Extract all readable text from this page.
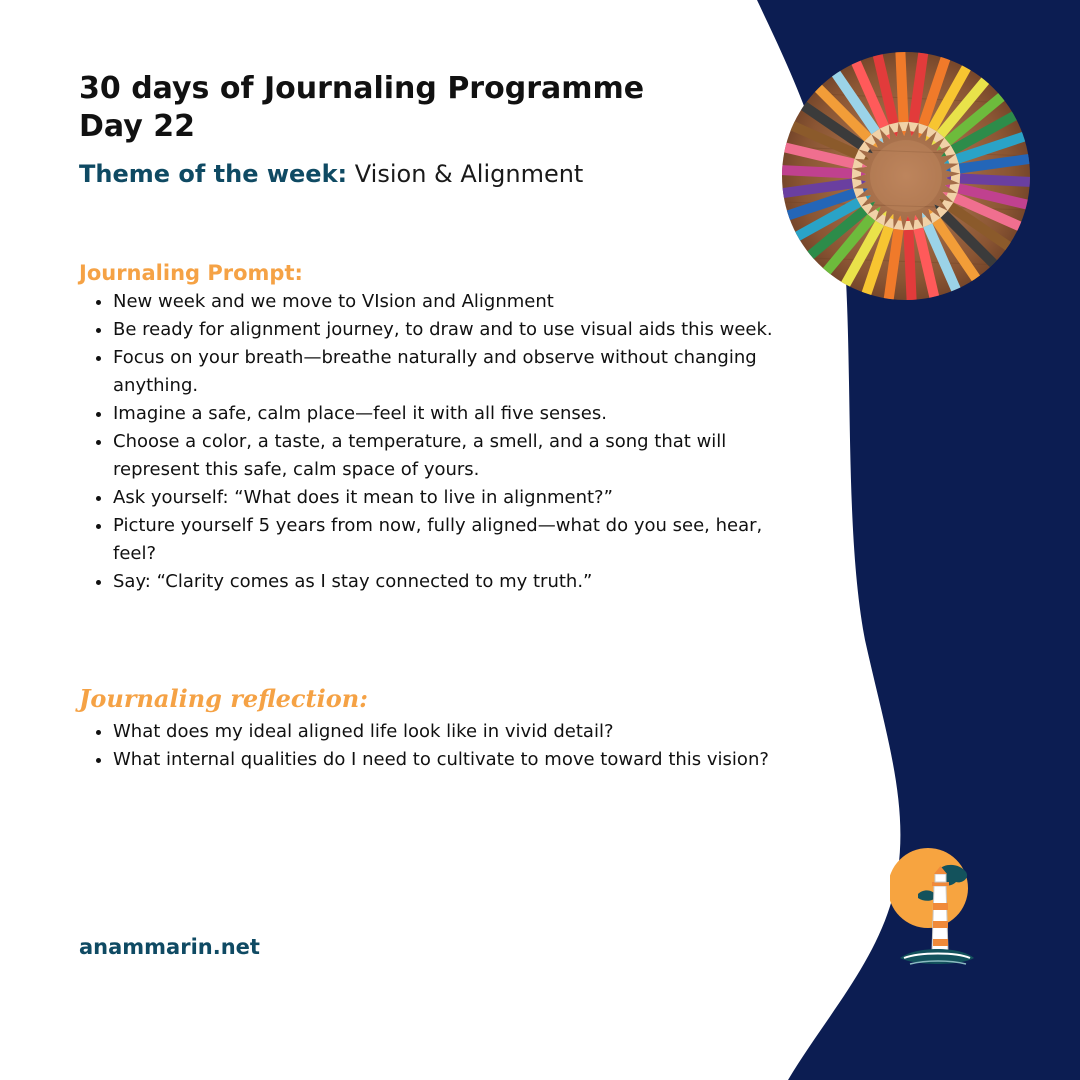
30 days of Journaling Programme
Day 22

Theme of the week: Vision & Alignment

Journaling Prompt:
• New week and we move to VIsion and Alignment
• Be ready for alignment journey, to draw and to use visual aids this week.
• Focus on your breath—breathe naturally and observe without changing anything.
• Imagine a safe, calm place—feel it with all five senses.
• Choose a color, a taste, a temperature, a smell, and a song that will represent this safe, calm space of yours.
• Ask yourself: “What does it mean to live in alignment?”
• Picture yourself 5 years from now, fully aligned—what do you see, hear, feel?
• Say: “Clarity comes as I stay connected to my truth.”
Journaling reflection:
• What does my ideal aligned life look like in vivid detail?
• What internal qualities do I need to cultivate to move toward this vision?

anammarin.net
